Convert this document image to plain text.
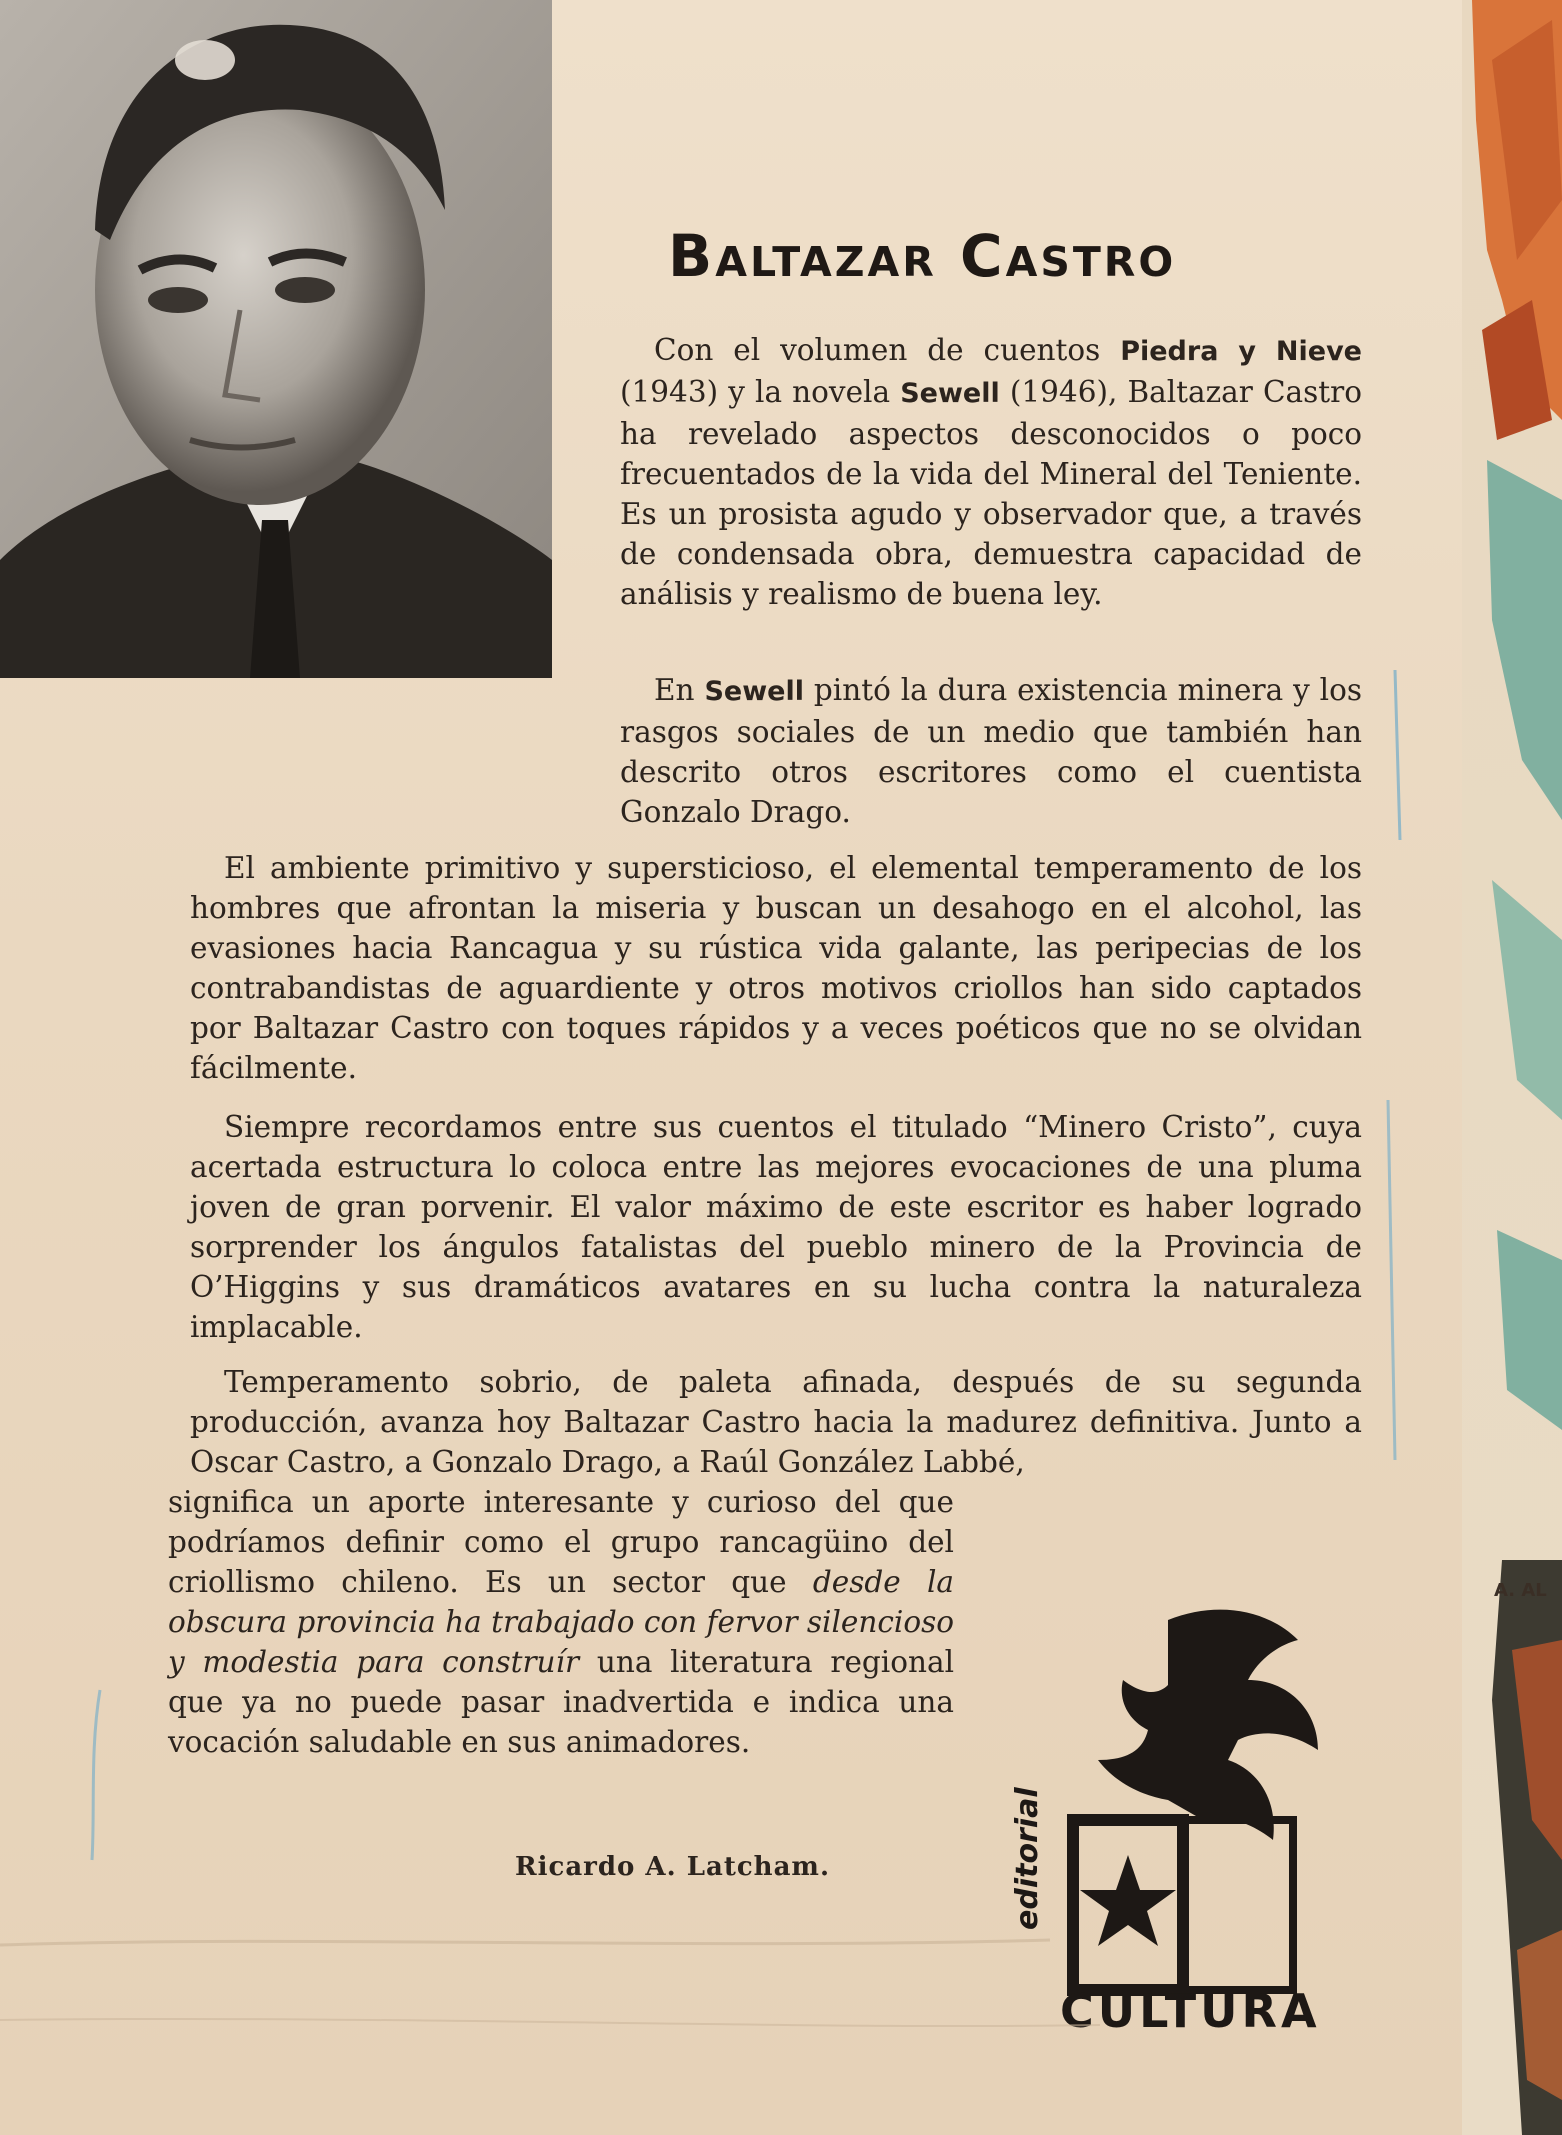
Baltazar Castro

Con el volumen de cuentos Piedra y Nieve (1943) y la novela Sewell (1946), Baltazar Castro ha revelado aspectos desconocidos o poco frecuentados de la vida del Mineral del Teniente. Es un prosista agudo y observador que, a través de condensada obra, demuestra capacidad de análisis y realismo de buena ley.

En Sewell pintó la dura existencia minera y los rasgos sociales de un medio que también han descrito otros escritores como el cuentista Gonzalo Drago.

El ambiente primitivo y supersticioso, el elemental temperamento de los hombres que afrontan la miseria y buscan un desahogo en el alcohol, las evasiones hacia Rancagua y su rústica vida galante, las peripecias de los contrabandistas de aguardiente y otros motivos criollos han sido captados por Baltazar Castro con toques rápidos y a veces poéticos que no se olvidan fácilmente.

Siempre recordamos entre sus cuentos el titulado “Minero Cristo”, cuya acertada estructura lo coloca entre las mejores evocaciones de una pluma joven de gran porvenir. El valor máximo de este escritor es haber logrado sorprender los ángulos fatalistas del pueblo minero de la Provincia de O’Higgins y sus dramáticos avatares en su lucha contra la naturaleza implacable.

Temperamento sobrio, de paleta afinada, después de su segunda producción, avanza hoy Baltazar Castro hacia la madurez definitiva. Junto a Oscar Castro, a Gonzalo Drago, a Raúl González Labbé,

significa un aporte interesante y curioso del que podríamos definir como el grupo rancagüino del criollismo chileno. Es un sector que desde la obscura provincia ha trabajado con fervor silencioso y modestia para construír una literatura regional que ya no puede pasar inadvertida e indica una vocación saludable en sus animadores.

Ricardo A. Latcham.	editorial
CULTURA
A. AL
